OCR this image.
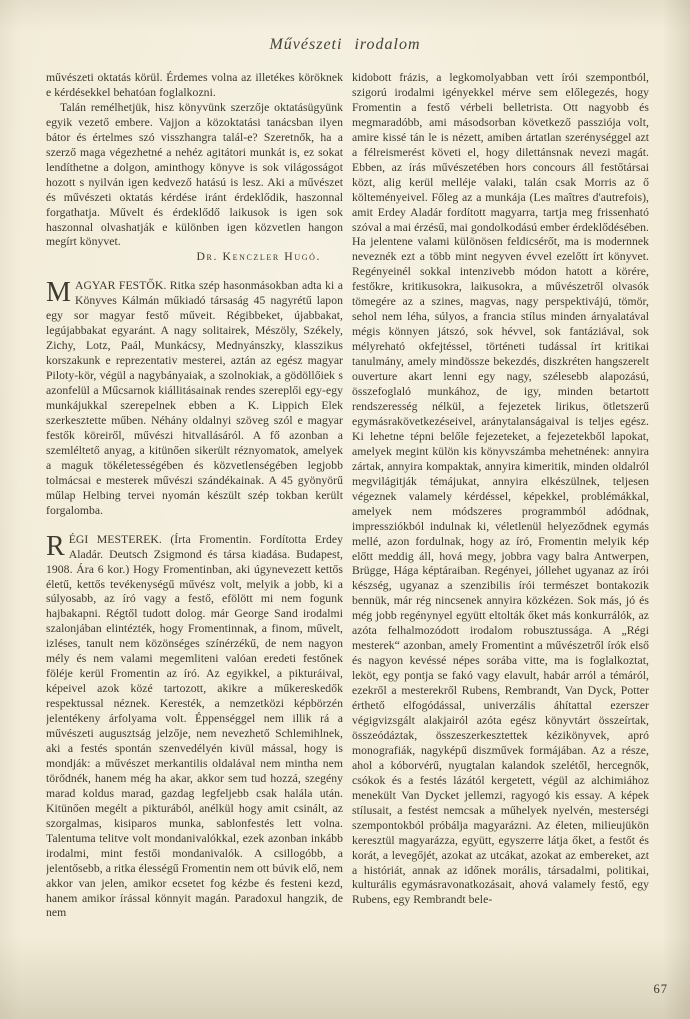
Művészeti irodalom

művészeti oktatás körül. Érdemes volna az illetékes köröknek e kérdésekkel behatóan foglalkozni.

Talán remélhetjük, hisz könyvünk szerzője oktatásügyünk egyik vezető embere. Vajjon a közoktatási tanácsban ilyen bátor és értelmes szó visszhangra talál-e? Szeretnők, ha a szerző maga végezhetné a nehéz agitátori munkát is, ez sokat lendíthetne a dolgon, aminthogy könyve is sok világosságot hozott s nyilván igen kedvező hatású is lesz. Aki a művészet és művészeti oktatás kérdése iránt érdeklődik, haszonnal forgathatja. Művelt és érdeklődő laikusok is igen sok haszonnal olvashatják e különben igen közvetlen hangon megírt könyvet.

Dr. Kenczler Hugó.

MAGYAR FESTŐK. Ritka szép hasonmásokban adta ki a Könyves Kálmán műkiadó társaság 45 nagyrétű lapon egy sor magyar festő műveit. Régibbeket, újabbakat, legújabbakat egyaránt. A nagy solitairek, Mészöly, Székely, Zichy, Lotz, Paál, Munkácsy, Mednyánszky, klasszikus korszakunk e reprezentativ mesterei, aztán az egész magyar Piloty-kör, végül a nagybányaiak, a szolnokiak, a gödöllőiek s azonfelül a Műcsarnok kiállitásainak rendes szereplői egy-egy munkájukkal szerepelnek ebben a K. Lippich Elek szerkesztette műben. Néhány oldalnyi szöveg szól e magyar festők köreiről, művészi hitvallásáról. A fő azonban a szemléltető anyag, a kitünően sikerült réznyomatok, amelyek a maguk tökéletességében és közvetlenségében legjobb tolmácsai e mesterek művészi szándékainak. A 45 gyönyörű műlap Helbing tervei nyomán készült szép tokban került forgalomba.

RÉGI MESTEREK. (Írta Fromentin. Fordította Erdey Aladár. Deutsch Zsigmond és társa kiadása. Budapest, 1908. Ára 6 kor.) Hogy Fromentinban, aki úgynevezett kettős életű, kettős tevékenységű művész volt, melyik a jobb, ki a súlyosabb, az író vagy a festő, efölött mi nem fogunk hajbakapni. Régtől tudott dolog. már George Sand irodalmi szalonjában elintézték, hogy Fromentinnak, a finom, művelt, izléses, tanult nem közönséges színérzékű, de nem nagyon mély és nem valami megemliteni valóan eredeti festőnek föléje kerül Fromentin az író. Az egyikkel, a pikturáival, képeivel azok közé tartozott, akikre a műkereskedők respektussal néznek. Keresték, a nemzetközi képbörzén jelentékeny árfolyama volt. Éppenséggel nem illik rá a művészeti augusztság jelzője, nem nevezhető Schlemihlnek, aki a festés spontán szenvedélyén kivül mással, hogy is mondják: a művészet merkantilis oldalával nem mintha nem törődnék, hanem még ha akar, akkor sem tud hozzá, szegény marad koldus marad, gazdag legfeljebb csak halála után. Kitünően megélt a pikturából, anélkül hogy amit csinált, az szorgalmas, kisiparos munka, sablonfestés lett volna. Talentuma telitve volt mondanivalókkal, ezek azonban inkább irodalmi, mint festői mondanivalók. A csillogóbb, a jelentősebb, a ritka élességű Fromentin nem ott búvik elő, nem akkor van jelen, amikor ecsetet fog kézbe és festeni kezd, hanem amikor írással könnyit magán. Paradoxul hangzik, de nem

kidobott frázis, a legkomolyabban vett írói szempontból, szigorú irodalmi igényekkel mérve sem előlegezés, hogy Fromentin a festő vérbeli belletrista. Ott nagyobb és megmaradóbb, ami másodsorban következő passziója volt, amire kissé tán le is nézett, amiben ártatlan szerénységgel azt a félreismerést követi el, hogy dilettánsnak nevezi magát. Ebben, az írás művészetében hors concours áll festőtársai közt, alig kerül melléje valaki, talán csak Morris az ő költeményeivel. Főleg az a munkája (Les maîtres d'autrefois), amit Erdey Aladár fordított magyarra, tartja meg frissenható szóval a mai érzésű, mai gondolkodású ember érdeklődésében. Ha jelentene valami különösen feldicsérőt, ma is modernnek neveznék ezt a több mint negyven évvel ezelőtt írt könyvet. Regényeinél sokkal intenzivebb módon hatott a körére, festőkre, kritikusokra, laikusokra, a művészetről olvasók tömegére az a szines, magvas, nagy perspektivájú, tömör, sehol nem léha, súlyos, a francia stílus minden árnyalatával mégis könnyen játszó, sok hévvel, sok fantáziával, sok mélyreható okfejtéssel, történeti tudással írt kritikai tanulmány, amely mindössze bekezdés, diszkréten hangszerelt ouverture akart lenni egy nagy, szélesebb alapozású, összefoglaló munkához, de igy, minden betartott rendszeresség nélkül, a fejezetek lirikus, ötletszerű egymásrakövetkezéseivel, aránytalanságaival is teljes egész. Ki lehetne tépni belőle fejezeteket, a fejezetekből lapokat, amelyek megint külön kis könyvszámba mehetnének: annyira zártak, annyira kompaktak, annyira kimeritik, minden oldalról megvilágitják témájukat, annyira elkészülnek, teljesen végeznek valamely kérdéssel, képekkel, problémákkal, amelyek nem módszeres programmból adódnak, impressziókból indulnak ki, véletlenül helyeződnek egymás mellé, azon fordulnak, hogy az író, Fromentin melyik kép előtt meddig áll, hová megy, jobbra vagy balra Antwerpen, Brügge, Hága képtáraiban. Regényei, jóllehet ugyanaz az írói készség, ugyanaz a szenzibilis írói természet bontakozik bennük, már rég nincsenek annyira közkézen. Sok más, jó és még jobb regénynyel együtt eltolták őket más konkurrálók, az azóta felhalmozódott irodalom robusztussága. A „Régi mesterek“ azonban, amely Fromentint a művészetről írók első és nagyon kevéssé népes sorába vitte, ma is foglalkoztat, leköt, egy pontja se fakó vagy elavult, habár arról a témáról, ezekről a mesterekről Rubens, Rembrandt, Van Dyck, Potter érthető elfogódással, univerzális áhítattal ezerszer végigvizsgált alakjairól azóta egész könyvtárt összeírtak, összeódáztak, összeszerkesztettek kézikönyvek, apró monografiák, nagyképű diszművek formájában. Az a része, ahol a kóborvérű, nyugtalan kalandok szelétől, hercegnők, csókok és a festés lázától kergetett, végül az alchimiához menekült Van Dycket jellemzi, ragyogó kis essay. A képek stílusait, a festést nemcsak a műhelyek nyelvén, mesterségi szempontokból próbálja magyarázni. Az életen, milieujükön keresztül magyarázza, együtt, egyszerre látja őket, a festőt és korát, a levegőjét, azokat az utcákat, azokat az embereket, azt a históriát, annak az időnek morális, társadalmi, politikai, kulturális egymásravonatkozásait, ahová valamely festő, egy Rubens, egy Rembrandt bele-

67
